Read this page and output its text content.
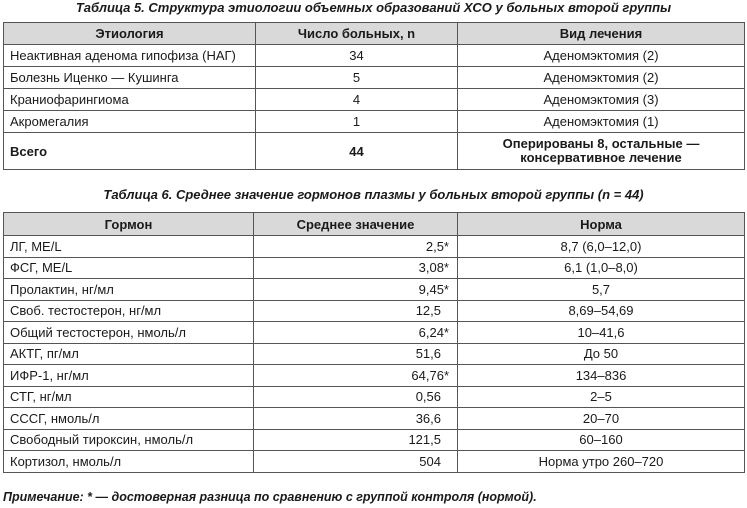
Таблица 5. Структура этиологии объемных образований ХСО у больных второй группы
Этиология	Число больных, n	Вид лечения
Неактивная аденома гипофиза (НАГ)	34	Аденомэктомия (2)
Болезнь Иценко — Кушинга	5	Аденомэктомия (2)
Краниофарингиома	4	Аденомэктомия (3)
Акромегалия	1	Аденомэктомия (1)
Всего	44	Оперированы 8, остальные — консервативное лечение
Таблица 6. Среднее значение гормонов плазмы у больных второй группы (n = 44)
Гормон	Среднее значение	Норма
ЛГ, МЕ/L	2,5*	8,7 (6,0–12,0)
ФСГ, МЕ/L	3,08*	6,1 (1,0–8,0)
Пролактин, нг/мл	9,45*	5,7
Своб. тестостерон, нг/мл	12,5	8,69–54,69
Общий тестостерон, нмоль/л	6,24*	10–41,6
АКТГ, пг/мл	51,6	До 50
ИФР-1, нг/мл	64,76*	134–836
СТГ, нг/мл	0,56	2–5
СССГ, нмоль/л	36,6	20–70
Свободный тироксин, нмоль/л	121,5	60–160
Кортизол, нмоль/л	504	Норма утро 260–720
Примечание: * — достоверная разница по сравнению с группой контроля (нормой).
